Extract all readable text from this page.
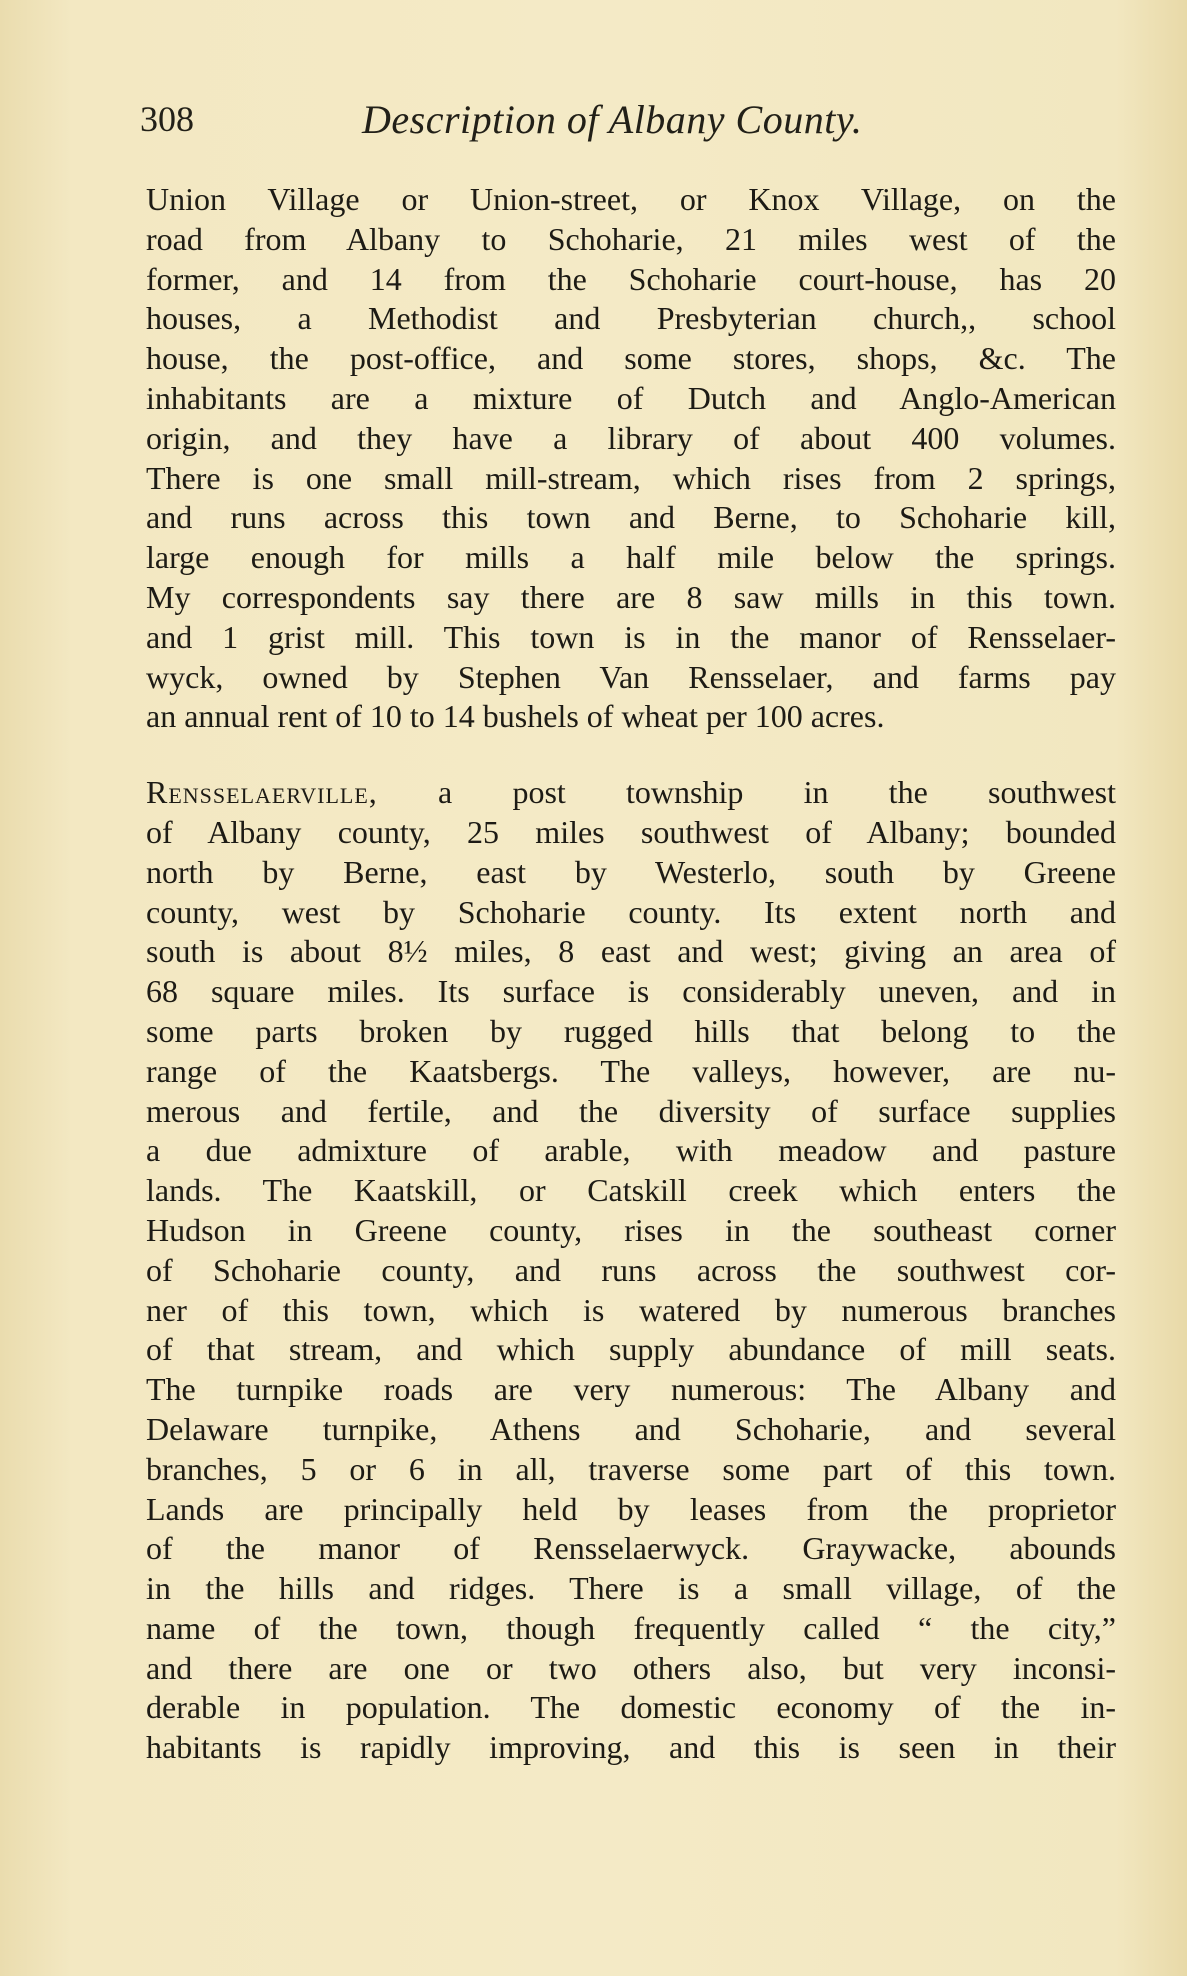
308	Description of Albany County.
Union Village or Union-street, or Knox Village, on the
road from Albany to Schoharie, 21 miles west of the
former, and 14 from the Schoharie court-house, has 20
houses, a Methodist and Presbyterian church,, school
house, the post-office, and some stores, shops, &c. The
inhabitants are a mixture of Dutch and Anglo-American
origin, and they have a library of about 400 volumes.
There is one small mill-stream, which rises from 2 springs,
and runs across this town and Berne, to Schoharie kill,
large enough for mills a half mile below the springs.
My correspondents say there are 8 saw mills in this town.
and 1 grist mill. This town is in the manor of Rensselaer-
wyck, owned by Stephen Van Rensselaer, and farms pay
an annual rent of 10 to 14 bushels of wheat per 100 acres.
Rensselaerville, a post township in the southwest
of Albany county, 25 miles southwest of Albany; bounded
north by Berne, east by Westerlo, south by Greene
county, west by Schoharie county. Its extent north and
south is about 8½ miles, 8 east and west; giving an area of
68 square miles. Its surface is considerably uneven, and in
some parts broken by rugged hills that belong to the
range of the Kaatsbergs. The valleys, however, are nu-
merous and fertile, and the diversity of surface supplies
a due admixture of arable, with meadow and pasture
lands. The Kaatskill, or Catskill creek which enters the
Hudson in Greene county, rises in the southeast corner
of Schoharie county, and runs across the southwest cor-
ner of this town, which is watered by numerous branches
of that stream, and which supply abundance of mill seats.
The turnpike roads are very numerous: The Albany and
Delaware turnpike, Athens and Schoharie, and several
branches, 5 or 6 in all, traverse some part of this town.
Lands are principally held by leases from the proprietor
of the manor of Rensselaerwyck. Graywacke, abounds
in the hills and ridges. There is a small village, of the
name of the town, though frequently called “ the city,”
and there are one or two others also, but very inconsi-
derable in population. The domestic economy of the in-
habitants is rapidly improving, and this is seen in their
